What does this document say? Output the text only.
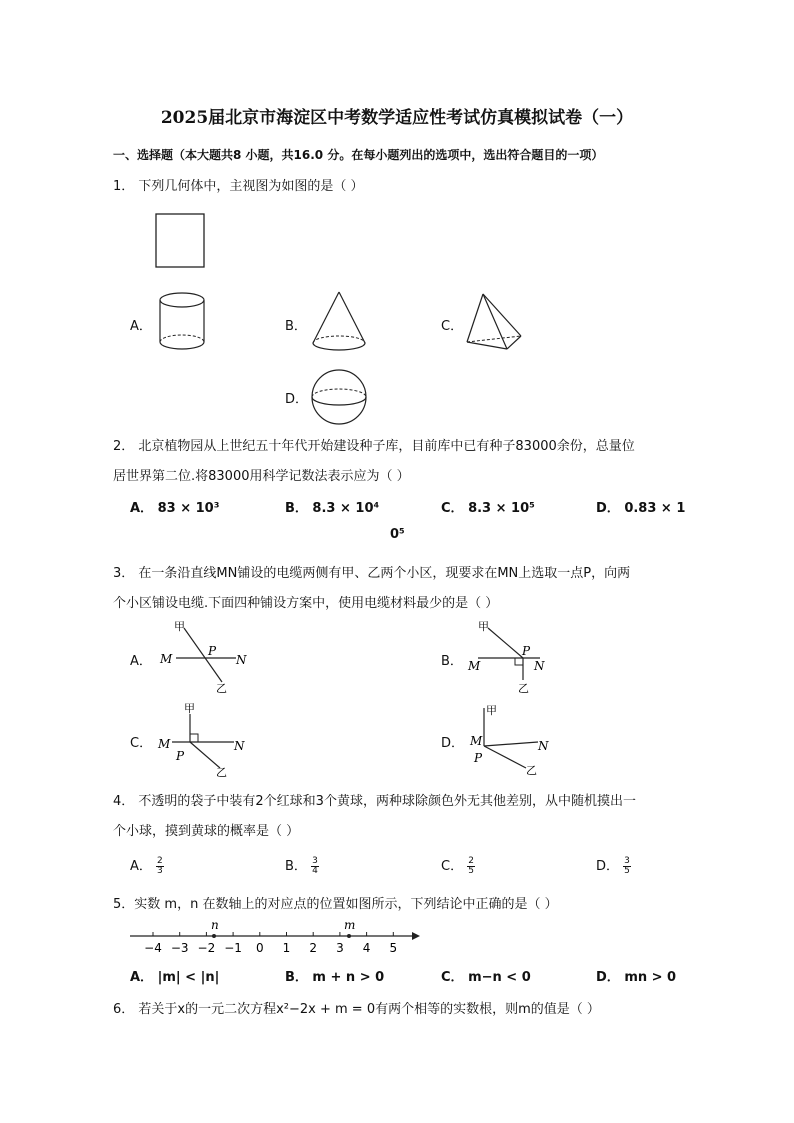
2025届北京市海淀区中考数学适应性考试仿真模拟试卷（一）
一、选择题（本大题共8 小题，共16.0 分。在每小题列出的选项中，选出符合题目的一项）
1． 下列几何体中，主视图为如图的是（ ）
A．	B．	C．
D．
2． 北京植物园从上世纪五十年代开始建设种子库，目前库中已有种子83000余份，总量位
居世界第二位.将83000用科学记数法表示应为（ ）
A． 83 × 10³	B． 8.3 × 10⁴	C． 8.3 × 10⁵	D． 0.83 × 1
0⁵
3． 在一条沿直线MN铺设的电缆两侧有甲、乙两个小区，现要求在MN上选取一点P，向两
个小区铺设电缆.下面四种铺设方案中，使用电缆材料最少的是（ ）
A．
甲
M	N
P
乙
B．
甲
M	N
P
乙
C．
甲
M	N
P
乙
D．
甲
M	N
P
乙
4． 不透明的袋子中装有2个红球和3个黄球，两种球除颜色外无其他差别，从中随机摸出一
个小球，摸到黄球的概率是（ ）
A． $\frac{2}{3}$	B． $\frac{3}{4}$	C． $\frac{2}{5}$	D． $\frac{3}{5}$
5．实数 m，n 在数轴上的对应点的位置如图所示，下列结论中正确的是（ ）
−4 −3 −2 −1 0 1 2 3 4 5
n	m
A． |m| < |n|	B． m + n > 0	C． m−n < 0	D． mn > 0
6． 若关于x的一元二次方程x²−2x + m = 0有两个相等的实数根，则m的值是（ ）
